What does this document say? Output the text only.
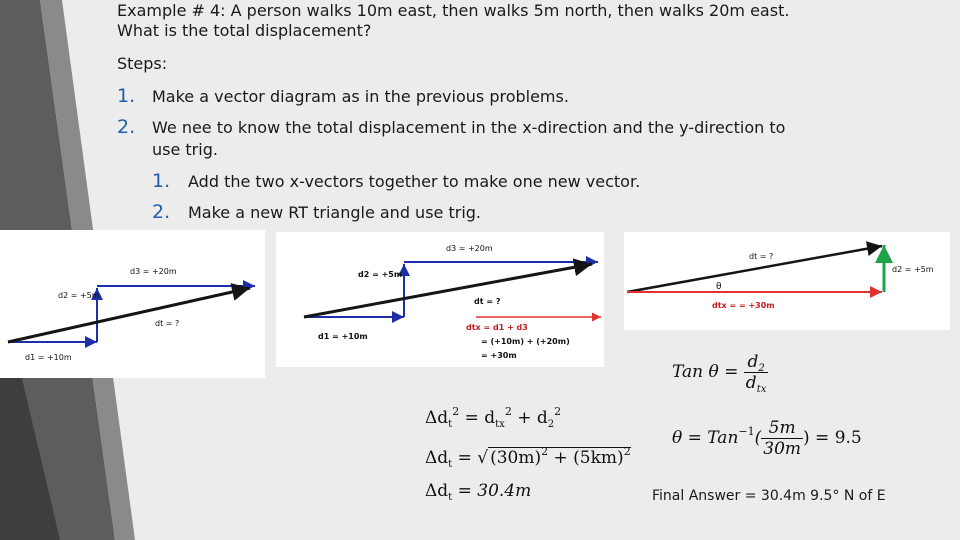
Example # 4: A person walks 10m east, then walks 5m north, then walks 20m east.
What is the total displacement?
Steps:
1. Make a vector diagram as in the previous problems.
2. We nee to know the total displacement in the x-direction and the y-direction to
use trig.
1. Add the two x-vectors together to make one new vector.
2. Make a new RT triangle and use trig.
d3 = +20m
d2 = +5m
dt = ?
d1 = +10m
d3 = +20m
d2 = +5m
dt = ?
d1 = +10m
dtx = d1 + d3
= (+10m) + (+20m)
= +30m
dt = ?
d2 = +5m
θ
dtx = = +30m
Tan $\theta = \frac{d_2}{d_{tx}}$
$\theta = Tan^{-1}( \frac{5m}{30m}$ ) = 9.5
$\Delta d_t^2 = d_{tx}^2 + d_2^2$
$\Delta d_t$ = √ $(30m)^2 + (5km)^2$
$\Delta d_t = 30.4m$	Final Answer = 30.4m 9.5° N of E
